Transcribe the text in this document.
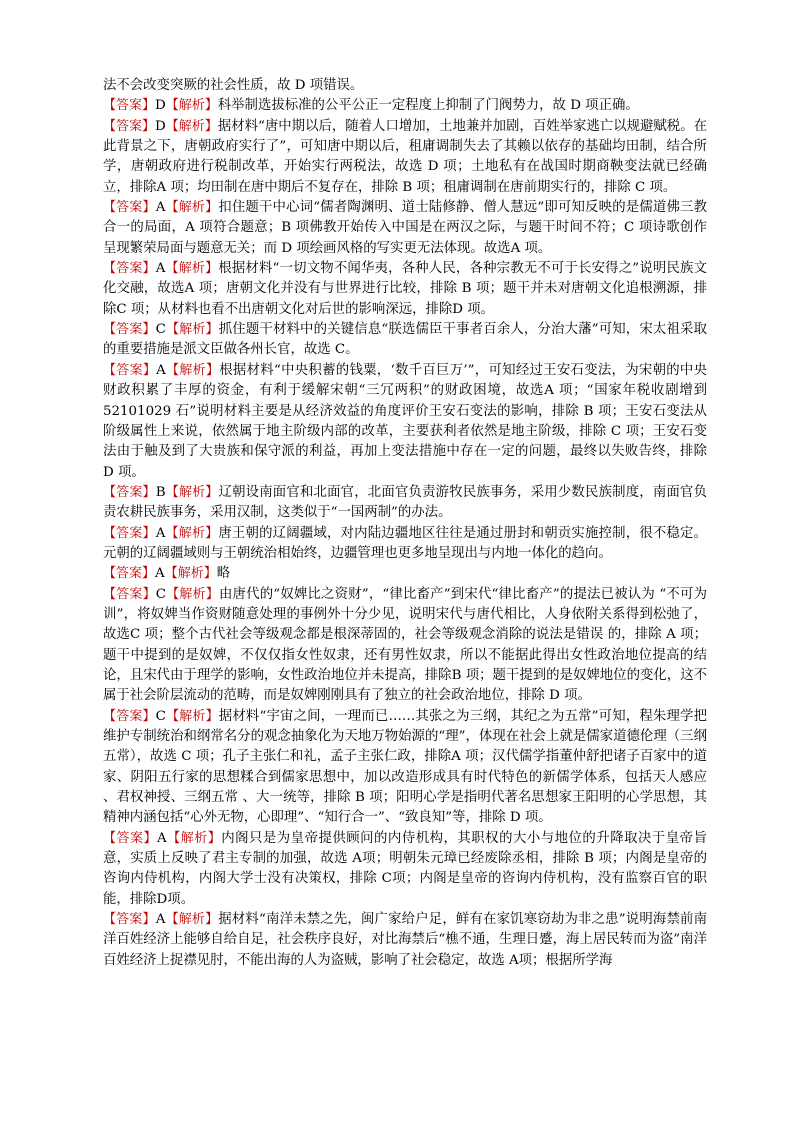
法不会改变突厥的社会性质，故 D 项错误。

【答案】D【解析】科举制选拔标准的公平公正一定程度上抑制了门阀势力，故 D 项正确。

【答案】D【解析】据材料“唐中期以后，随着人口增加，土地兼并加剧，百姓举家逃亡以规避赋税。在此背景之下，唐朝政府实行了”，可知唐中期以后，租庸调制失去了其赖以依存的基础均田制，结合所学，唐朝政府进行税制改革，开始实行两税法，故选 D 项；土地私有在战国时期商鞅变法就已经确立，排除A 项；均田制在唐中期后不复存在，排除 B 项；租庸调制在唐前期实行的，排除 C 项。

【答案】A【解析】扣住题干中心词“儒者陶渊明、道士陆修静、僧人慧远”即可知反映的是儒道佛三教合一的局面，A 项符合题意；B 项佛教开始传入中国是在两汉之际，与题干时间不符；C 项诗歌创作呈现繁荣局面与题意无关；而 D 项绘画风格的写实更无法体现。故选A 项。

【答案】A【解析】根据材料“一切文物不闻华夷，各种人民，各种宗教无不可于长安得之”说明民族文化交融，故选A 项；唐朝文化并没有与世界进行比较，排除 B 项；题干并未对唐朝文化追根溯源，排除C 项；从材料也看不出唐朝文化对后世的影响深远，排除D 项。

【答案】C【解析】抓住题干材料中的关键信息“朕选儒臣干事者百余人，分治大藩”可知，宋太祖采取的重要措施是派文臣做各州长官，故选 C。

【答案】A【解析】根据材料“中央积蓄的钱粟，‘数千百巨万’”，可知经过王安石变法，为宋朝的中央财政积累了丰厚的资金，有利于缓解宋朝“三冗两积”的财政困境，故选A 项；“国家年税收剧增到 52101029 石”说明材料主要是从经济效益的角度评价王安石变法的影响，排除 B 项；王安石变法从阶级属性上来说，依然属于地主阶级内部的改革，主要获利者依然是地主阶级，排除 C 项；王安石变法由于触及到了大贵族和保守派的利益，再加上变法措施中存在一定的问题，最终以失败告终，排除 D 项。

【答案】B【解析】辽朝设南面官和北面官，北面官负责游牧民族事务，采用少数民族制度，南面官负责农耕民族事务，采用汉制，这类似于“一国两制”的办法。

【答案】A【解析】唐王朝的辽阔疆域，对内陆边疆地区往往是通过册封和朝贡实施控制，很不稳定。元朝的辽阔疆域则与王朝统治相始终，边疆管理也更多地呈现出与内地一体化的趋向。

【答案】A【解析】略

【答案】C【解析】由唐代的“奴婢比之资财”，“律比畜产”到宋代“律比畜产”的提法已被认为 “不可为训”，将奴婢当作资财随意处理的事例外十分少见，说明宋代与唐代相比，人身依附关系得到松弛了，故选C 项；整个古代社会等级观念都是根深蒂固的，社会等级观念消除的说法是错误 的，排除 A 项；题干中提到的是奴婢，不仅仅指女性奴隶，还有男性奴隶，所以不能据此得出女性政治地位提高的结论，且宋代由于理学的影响，女性政治地位并未提高，排除B 项；题干提到的是奴婢地位的变化，这不属于社会阶层流动的范畴，而是奴婢刚刚具有了独立的社会政治地位，排除 D 项。

【答案】C【解析】据材料“宇宙之间，一理而已……其张之为三纲，其纪之为五常”可知，程朱理学把维护专制统治和纲常名分的观念抽象化为天地万物始源的“理”，体现在社会上就是儒家道德伦理（三纲五常），故选 C 项；孔子主张仁和礼，孟子主张仁政，排除A 项；汉代儒学指董仲舒把诸子百家中的道家、阴阳五行家的思想糅合到儒家思想中，加以改造形成具有时代特色的新儒学体系，包括天人感应 、君权神授、三纲五常 、大一统等，排除 B 项；阳明心学是指明代著名思想家王阳明的心学思想，其精神内涵包括“心外无物，心即理”、“知行合一”、“致良知”等，排除 D 项。

【答案】A【解析】内阁只是为皇帝提供顾问的内侍机构，其职权的大小与地位的升降取决于皇帝旨意，实质上反映了君主专制的加强，故选 A项；明朝朱元璋已经废除丞相，排除 B 项；内阁是皇帝的咨询内侍机构，内阁大学士没有决策权，排除 C项；内阁是皇帝的咨询内侍机构，没有监察百官的职能，排除D项。

【答案】A【解析】据材料“南洋未禁之先，闽广家给户足，鲜有在家饥寒窃劫为非之患”说明海禁前南洋百姓经济上能够自给自足，社会秩序良好，对比海禁后“樵不通，生理日蹙，海上居民转而为盗”南洋百姓经济上捉襟见肘，不能出海的人为盗贼，影响了社会稳定，故选 A项；根据所学海
